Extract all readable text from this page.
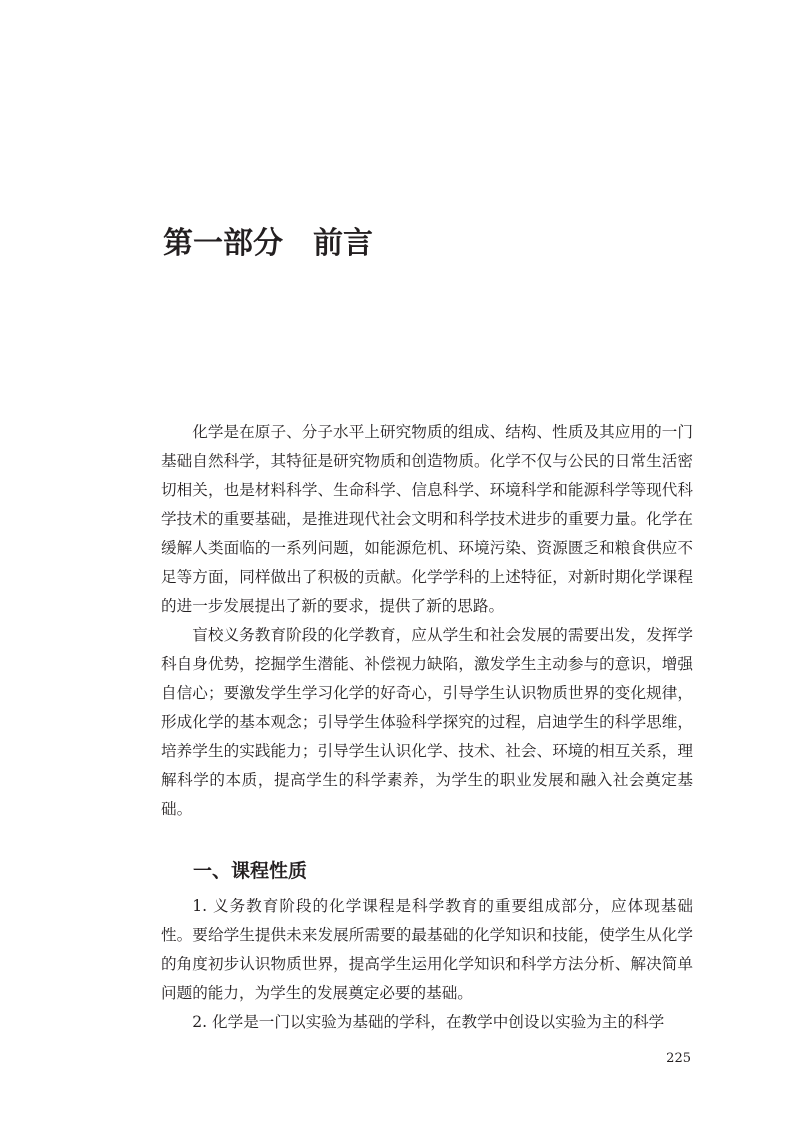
第一部分　前言

化学是在原子、分子水平上研究物质的组成、结构、性质及其应用的一门基础自然科学，其特征是研究物质和创造物质。化学不仅与公民的日常生活密切相关，也是材料科学、生命科学、信息科学、环境科学和能源科学等现代科学技术的重要基础，是推进现代社会文明和科学技术进步的重要力量。化学在缓解人类面临的一系列问题，如能源危机、环境污染、资源匮乏和粮食供应不足等方面，同样做出了积极的贡献。化学学科的上述特征，对新时期化学课程的进一步发展提出了新的要求，提供了新的思路。

盲校义务教育阶段的化学教育，应从学生和社会发展的需要出发，发挥学科自身优势，挖掘学生潜能、补偿视力缺陷，激发学生主动参与的意识，增强自信心；要激发学生学习化学的好奇心，引导学生认识物质世界的变化规律，形成化学的基本观念；引导学生体验科学探究的过程，启迪学生的科学思维，培养学生的实践能力；引导学生认识化学、技术、社会、环境的相互关系，理解科学的本质，提高学生的科学素养，为学生的职业发展和融入社会奠定基础。

一、课程性质

1. 义务教育阶段的化学课程是科学教育的重要组成部分，应体现基础性。要给学生提供未来发展所需要的最基础的化学知识和技能，使学生从化学的角度初步认识物质世界，提高学生运用化学知识和科学方法分析、解决简单问题的能力，为学生的发展奠定必要的基础。

2. 化学是一门以实验为基础的学科，在教学中创设以实验为主的科学

225
